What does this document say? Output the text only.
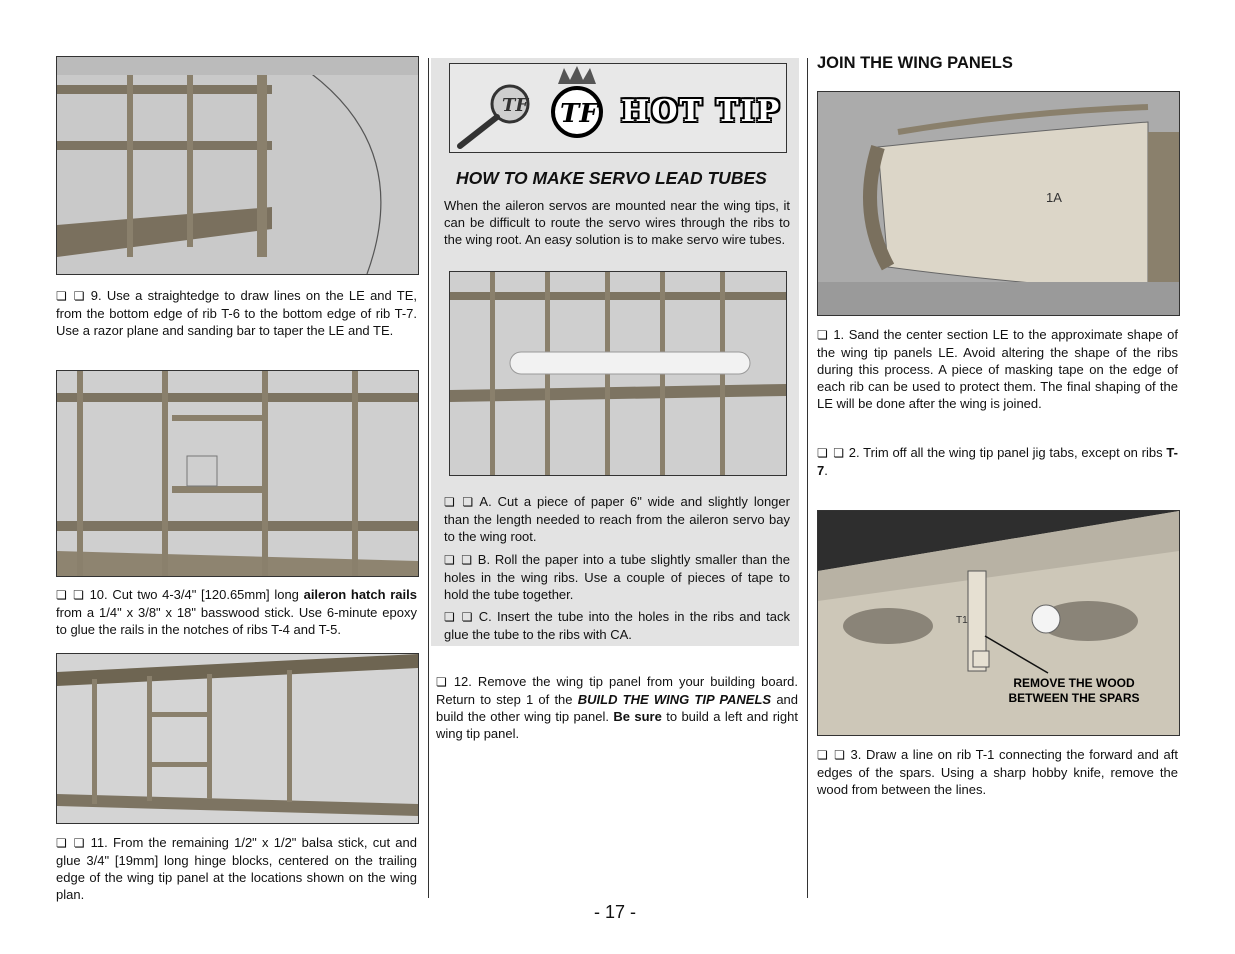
❏ ❏ 9. Use a straightedge to draw lines on the LE and TE, from the bottom edge of rib T-6 to the bottom edge of rib T-7. Use a razor plane and sanding bar to taper the LE and TE.

❏ ❏ 10. Cut two 4-3/4" [120.65mm] long aileron hatch rails from a 1/4" x 3/8" x 18" basswood stick. Use 6-minute epoxy to glue the rails in the notches of ribs T-4 and T-5.

❏ ❏ 11. From the remaining 1/2" x 1/2" balsa stick, cut and glue 3/4" [19mm] long hinge blocks, centered on the trailing edge of the wing tip panel at the locations shown on the wing plan.

TF TF HOT TIP
HOW TO MAKE SERVO LEAD TUBES

When the aileron servos are mounted near the wing tips, it can be difficult to route the servo wires through the ribs to the wing root. An easy solution is to make servo wire tubes.

❏ ❏ A. Cut a piece of paper 6" wide and slightly longer than the length needed to reach from the aileron servo bay to the wing root.

❏ ❏ B. Roll the paper into a tube slightly smaller than the holes in the wing ribs. Use a couple of pieces of tape to hold the tube together.

❏ ❏ C. Insert the tube into the holes in the ribs and tack glue the tube to the ribs with CA.

❏ 12. Remove the wing tip panel from your building board. Return to step 1 of the BUILD THE WING TIP PANELS and build the other wing tip panel. Be sure to build a left and right wing tip panel.

JOIN THE WING PANELS
1A

❏ 1. Sand the center section LE to the approximate shape of the wing tip panels LE. Avoid altering the shape of the ribs during this process. A piece of masking tape on the edge of each rib can be used to protect them. The final shaping of the LE will be done after the wing is joined.

❏ ❏ 2. Trim off all the wing tip panel jig tabs, except on ribs T-7.

T1
REMOVE THE WOOD BETWEEN THE SPARS

❏ ❏ 3. Draw a line on rib T-1 connecting the forward and aft edges of the spars. Using a sharp hobby knife, remove the wood from between the lines.

- 17 -
